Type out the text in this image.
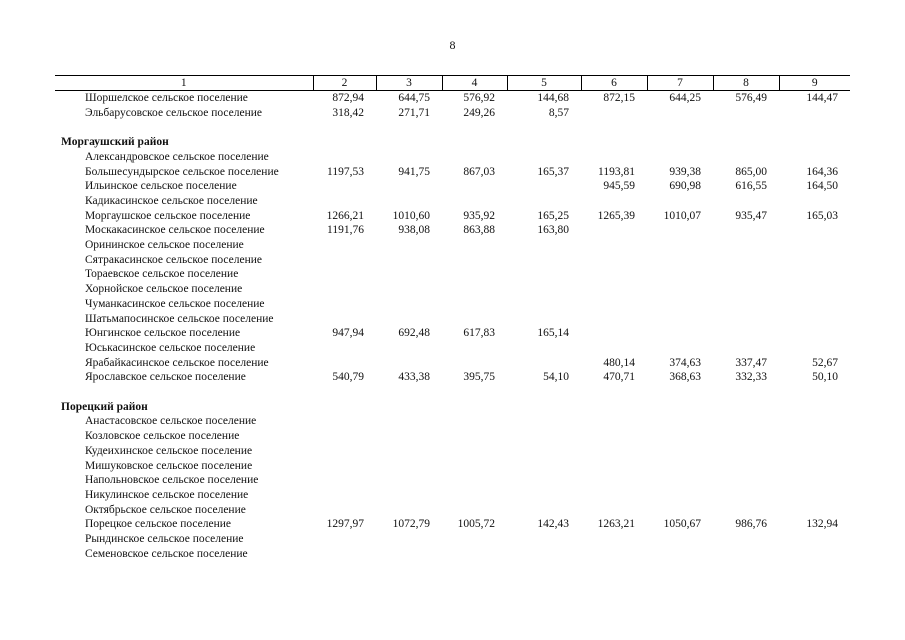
8
1	2	3	4	5	6	7	8	9
Шоршелское сельское поселение	872,94	644,75	576,92	144,68	872,15	644,25	576,49	144,47
Эльбарусовское сельское поселение	318,42	271,71	249,26	8,57				

Моргаушский район								
Александровское сельское поселение								
Большесундырское сельское поселение	1197,53	941,75	867,03	165,37	1193,81	939,38	865,00	164,36
Ильинское сельское поселение					945,59	690,98	616,55	164,50
Кадикасинское сельское поселение								
Моргаушское сельское поселение	1266,21	1010,60	935,92	165,25	1265,39	1010,07	935,47	165,03
Москакасинское сельское поселение	1191,76	938,08	863,88	163,80				
Орининское сельское поселение								
Сятракасинское сельское поселение								
Тораевское сельское поселение								
Хорнойское сельское поселение								
Чуманкасинское сельское поселение								
Шатьмапосинское сельское поселение								
Юнгинское сельское поселение	947,94	692,48	617,83	165,14				
Юськасинское сельское поселение								
Ярабайкасинское сельское поселение					480,14	374,63	337,47	52,67
Ярославское сельское поселение	540,79	433,38	395,75	54,10	470,71	368,63	332,33	50,10

Порецкий район								
Анастасовское сельское поселение								
Козловское сельское поселение								
Кудеихинское сельское поселение								
Мишуковское сельское поселение								
Напольновское сельское поселение								
Никулинское сельское поселение								
Октябрьское сельское поселение								
Порецкое сельское поселение	1297,97	1072,79	1005,72	142,43	1263,21	1050,67	986,76	132,94
Рындинское сельское поселение								
Семеновское сельское поселение								
